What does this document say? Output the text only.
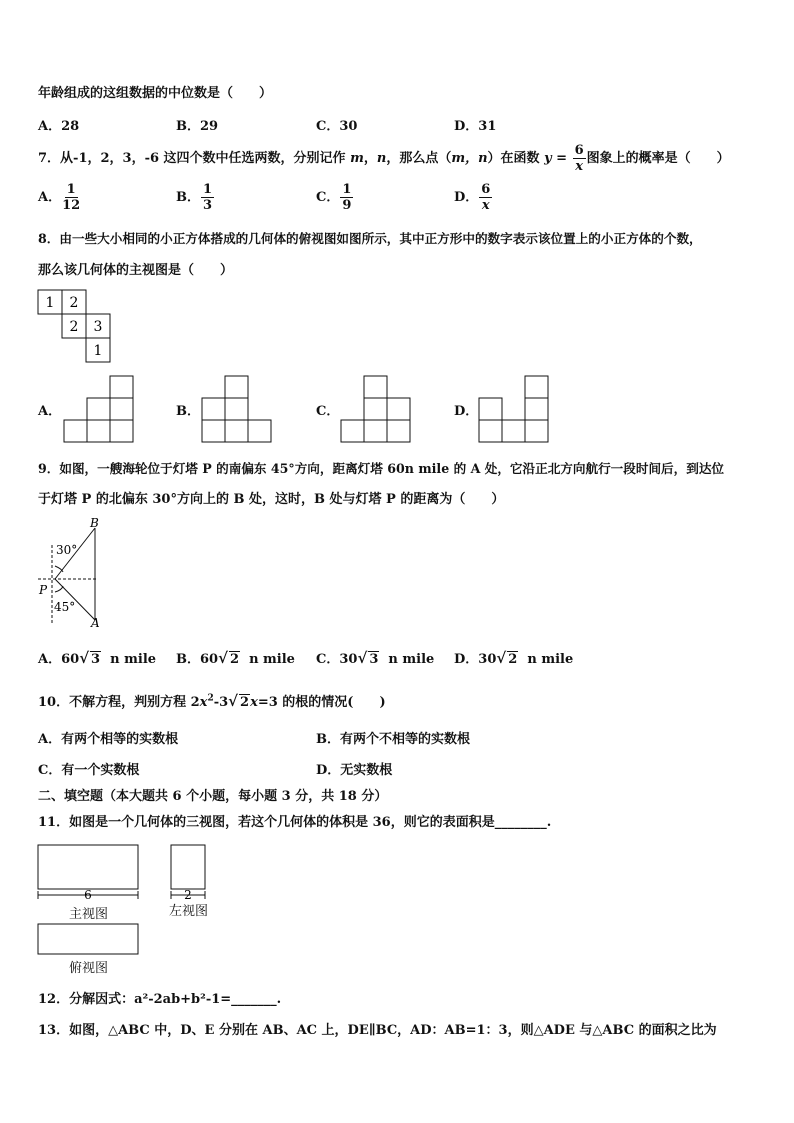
年龄组成的这组数据的中位数是（　　）
A．28	B．29	C．30	D．31
7．从-1，2，3，-6 这四个数中任选两数，分别记作 m，n，那么点（m，n）在函数 $y = \frac{6}{x}$ 图象上的概率是（　　）
A． $\frac{1}{12}$	B． $\frac{1}{3}$	C． $\frac{1}{9}$	D． $\frac{6}{x}$
8．由一些大小相同的小正方体搭成的几何体的俯视图如图所示，其中正方形中的数字表示该位置上的小正方体的个数，
那么该几何体的主视图是（　　）
1 2
2 3
1
A．	B．	C．	D．
9．如图，一艘海轮位于灯塔 P 的南偏东 45°方向，距离灯塔 60n mile 的 A 处，它沿正北方向航行一段时间后，到达位
于灯塔 P 的北偏东 30°方向上的 B 处，这时，B 处与灯塔 P 的距离为（　　）
B
P
A
30°
45°
A．60√ 3 n mile B．60√ 2 n mile C．30√ 3 n mile D．30√ 2 n mile
10．不解方程，判别方程 $2x^2-3√$ 2x=3 的根的情况(　　)
A．有两个相等的实数根	B．有两个不相等的实数根
C．有一个实数根	D．无实数根
二、填空题（本大题共 6 个小题，每小题 3 分，共 18 分）
11．如图是一个几何体的三视图，若这个几何体的体积是 36，则它的表面积是________.
6	2
主视图	左视图
俯视图
12．分解因式：a²-2ab+b²-1=_______.
13．如图，△ABC 中，D、E 分别在 AB、AC 上，DE∥BC，AD：AB=1：3，则△ADE 与△ABC 的面积之比为
